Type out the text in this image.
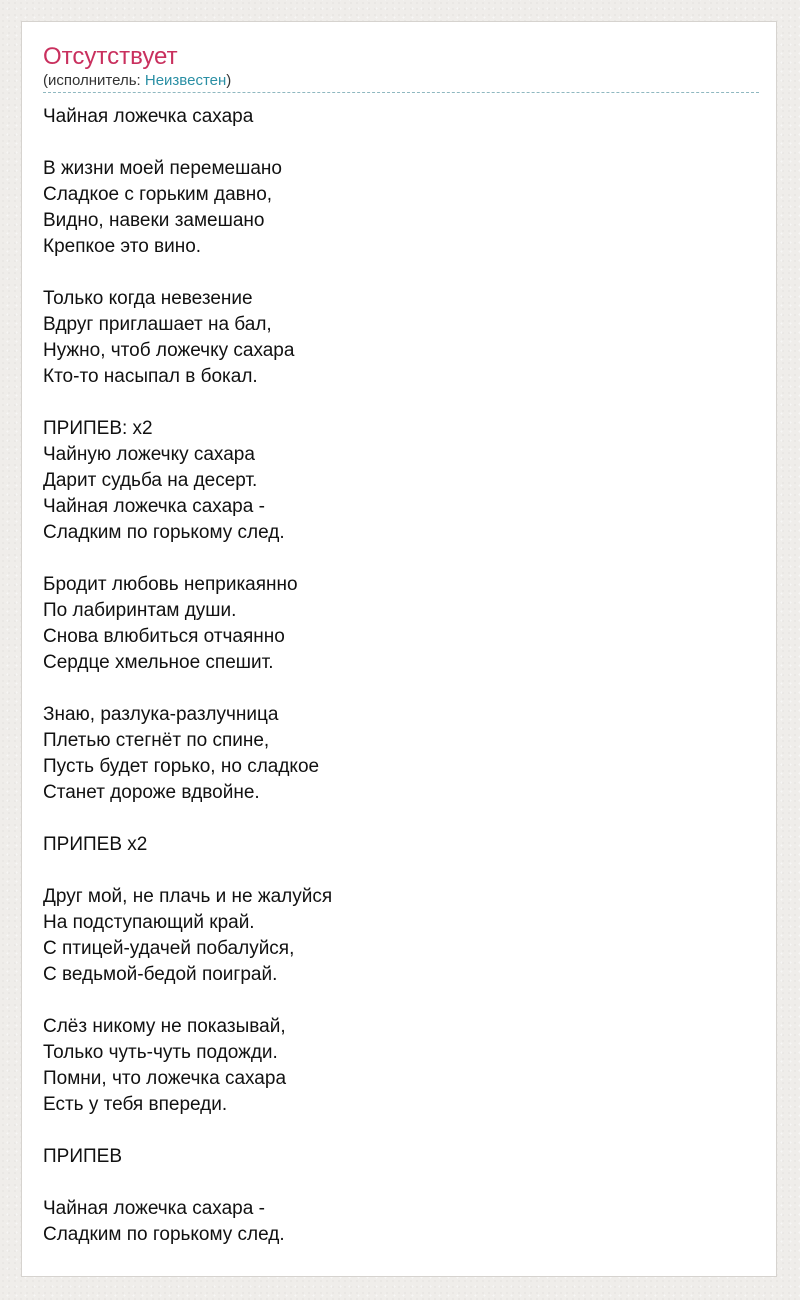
Отсутствует
(исполнитель: Неизвестен)
Чайная ложечка сахара
В жизни моей перемешано
Сладкое с горьким давно,
Видно, навеки замешано
Крепкое это вино.
Только когда невезение
Вдруг приглашает на бал,
Нужно, чтоб ложечку сахара
Кто-то насыпал в бокал.
ПРИПЕВ: x2
Чайную ложечку сахара
Дарит судьба на десерт.
Чайная ложечка сахара -
Сладким по горькому след.
Бродит любовь неприкаянно
По лабиринтам души.
Снова влюбиться отчаянно
Сердце хмельное спешит.
Знаю, разлука-разлучница
Плетью стегнёт по спине,
Пусть будет горько, но сладкое
Станет дороже вдвойне.
ПРИПЕВ x2
Друг мой, не плачь и не жалуйся
На подступающий край.
С птицей-удачей побалуйся,
С ведьмой-бедой поиграй.
Слёз никому не показывай,
Только чуть-чуть подожди.
Помни, что ложечка сахара
Есть у тебя впереди.
ПРИПЕВ
Чайная ложечка сахара -
Сладким по горькому след.
